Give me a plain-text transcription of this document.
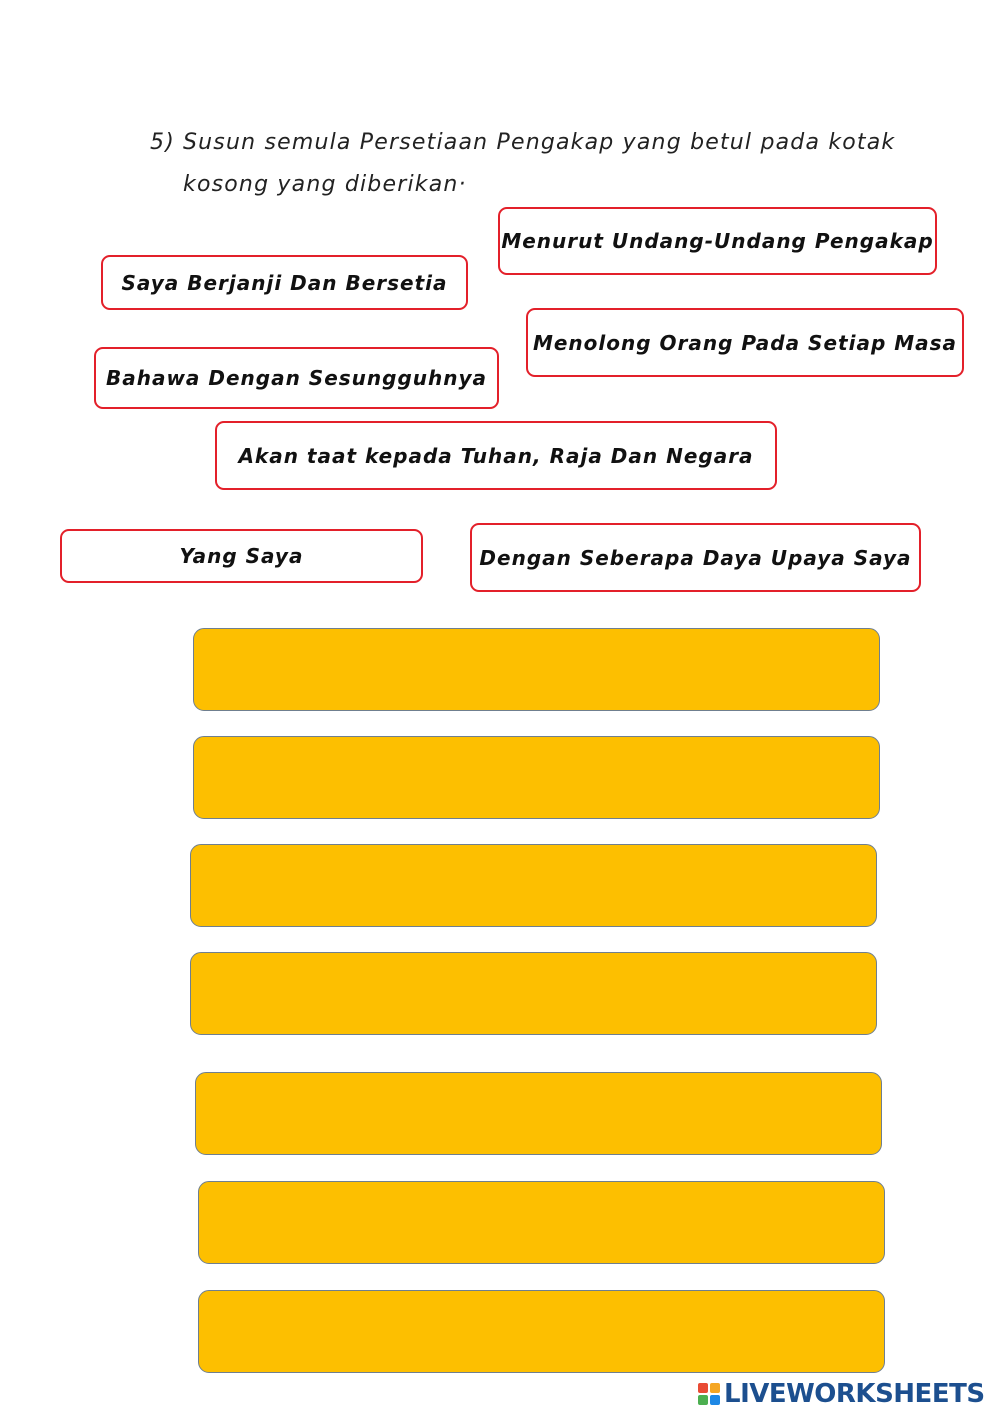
5) Susun semula Persetiaan Pengakap yang betul pada kotak
kosong yang diberikan·
Menurut Undang-Undang Pengakap
Saya Berjanji Dan Bersetia
Menolong Orang Pada Setiap Masa
Bahawa Dengan Sesungguhnya
Akan taat kepada Tuhan, Raja Dan Negara
Yang Saya	Dengan Seberapa Daya Upaya Saya
LIVEWORKSHEETS
